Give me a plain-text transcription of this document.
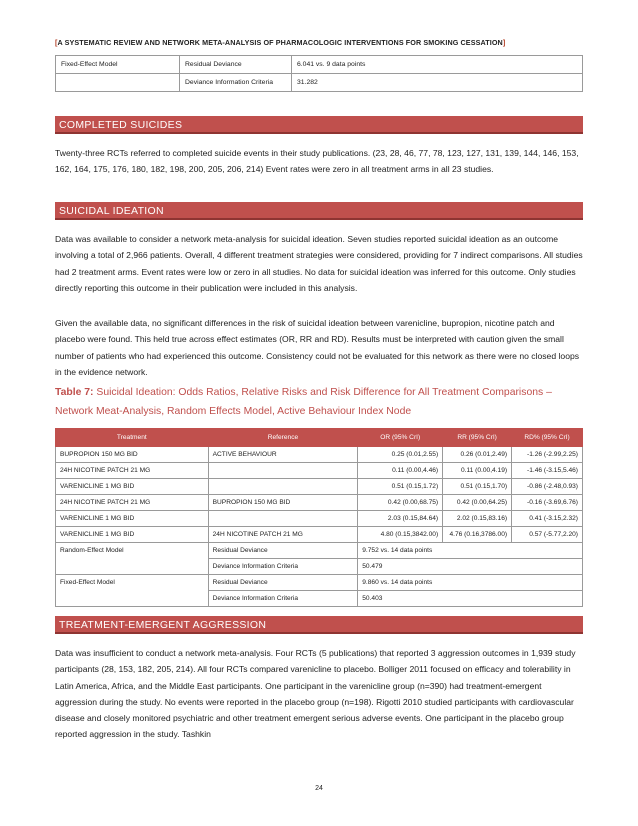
[A SYSTEMATIC REVIEW AND NETWORK META-ANALYSIS OF PHARMACOLOGIC INTERVENTIONS FOR SMOKING CESSATION]
Fixed-Effect Model	Residual Deviance	6.041 vs. 9 data points
	Deviance Information Criteria	31.282
COMPLETED SUICIDES

Twenty-three RCTs referred to completed suicide events in their study publications. (23, 28, 46, 77, 78, 123, 127, 131, 139, 144, 146, 153, 162, 164, 175, 176, 180, 182, 198, 200, 205, 206, 214) Event rates were zero in all treatment arms in all 23 studies.

SUICIDAL IDEATION

Data was available to consider a network meta-analysis for suicidal ideation. Seven studies reported suicidal ideation as an outcome involving a total of 2,966 patients. Overall, 4 different treatment strategies were considered, providing for 7 indirect comparisons. All studies had 2 treatment arms. Event rates were low or zero in all studies. No data for suicidal ideation was inferred for this outcome. Only studies directly reporting this outcome in their publication were included in this analysis.

Given the available data, no significant differences in the risk of suicidal ideation between varenicline, bupropion, nicotine patch and placebo were found. This held true across effect estimates (OR, RR and RD). Results must be interpreted with caution given the small number of patients who had experienced this outcome. Consistency could not be evaluated for this network as there were no closed loops in the evidence network.

Table 7: Suicidal Ideation: Odds Ratios, Relative Risks and Risk Difference for All Treatment Comparisons – Network Meat-Analysis, Random Effects Model, Active Behaviour Index Node

Treatment	Reference	OR (95% CrI)	RR (95% CrI)	RD% (95% CrI)
BUPROPION 150 MG BID	ACTIVE BEHAVIOUR	0.25 (0.01,2.55)	0.26 (0.01,2.49)	-1.26 (-2.99,2.25)
24H NICOTINE PATCH 21 MG		0.11 (0.00,4.46)	0.11 (0.00,4.19)	-1.46 (-3.15,5.46)
VARENICLINE 1 MG BID		0.51 (0.15,1.72)	0.51 (0.15,1.70)	-0.86 (-2.48,0.93)
24H NICOTINE PATCH 21 MG	BUPROPION 150 MG BID	0.42 (0.00,68.75)	0.42 (0.00,64.25)	-0.16 (-3.69,6.76)
VARENICLINE 1 MG BID		2.03 (0.15,84.64)	2.02 (0.15,83.16)	0.41 (-3.15,2.32)
VARENICLINE 1 MG BID	24H NICOTINE PATCH 21 MG	4.80 (0.15,3842.00)	4.76 (0.16,3786.00)	0.57 (-5.77,2.20)
Random-Effect Model	Residual Deviance	9.752 vs. 14 data points		
	Deviance Information Criteria	50.479		
Fixed-Effect Model	Residual Deviance	9.860 vs. 14 data points		
	Deviance Information Criteria	50.403		
TREATMENT-EMERGENT AGGRESSION

Data was insufficient to conduct a network meta-analysis. Four RCTs (5 publications) that reported 3 aggression outcomes in 1,939 study participants (28, 153, 182, 205, 214). All four RCTs compared varenicline to placebo. Bolliger 2011 focused on efficacy and tolerability in Latin America, Africa, and the Middle East participants. One participant in the varenicline group (n=390) had treatment-emergent aggression during the study. No events were reported in the placebo group (n=198). Rigotti 2010 studied participants with cardiovascular disease and closely monitored psychiatric and other treatment emergent serious adverse events. One participant in the placebo group reported aggression in the study. Tashkin

24
